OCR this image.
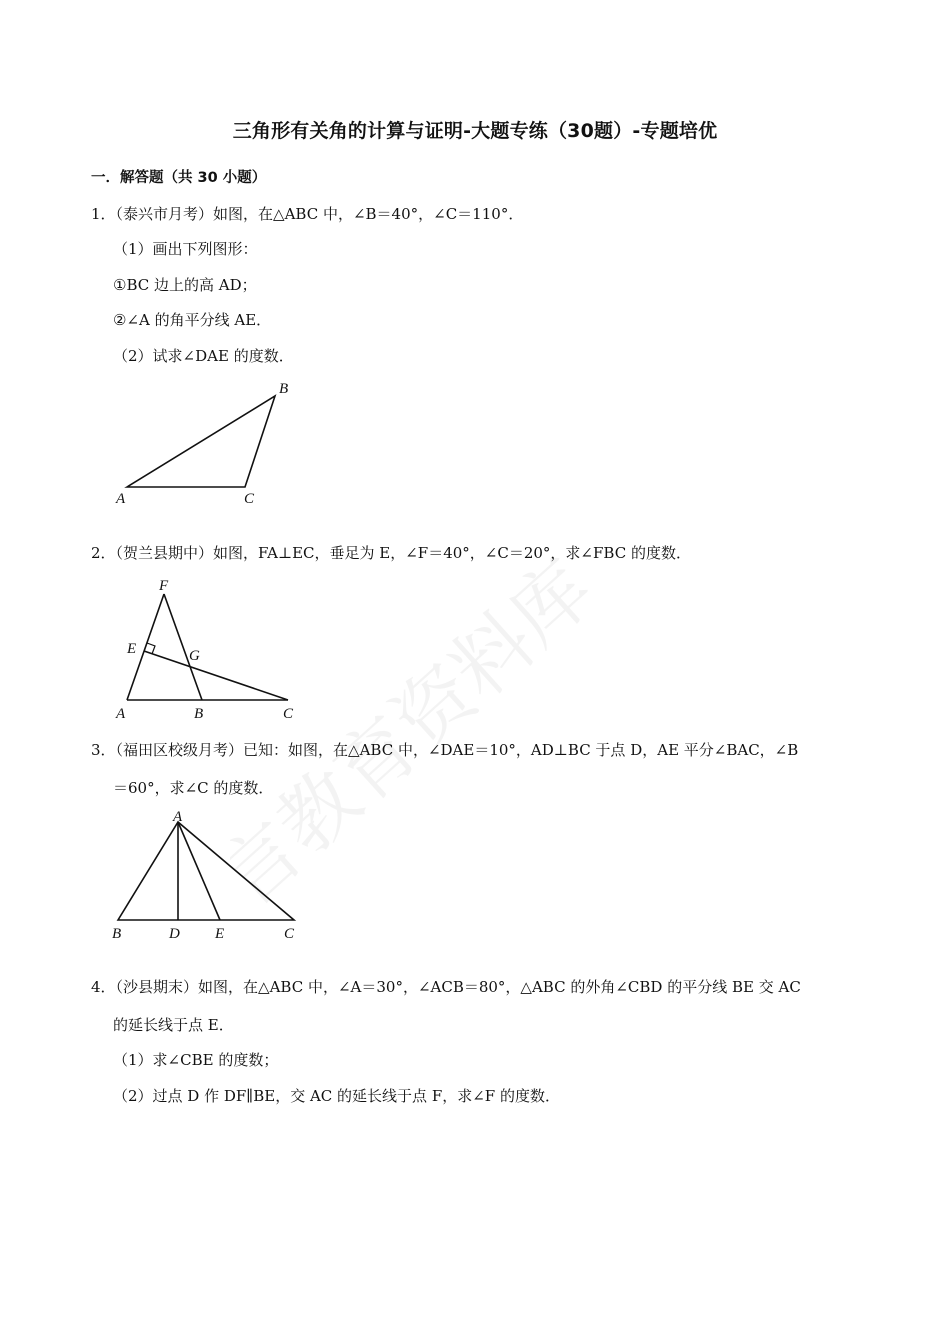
三角形有关角的计算与证明-大题专练（30题）-专题培优
一．解答题（共 30 小题）
1．（泰兴市月考）如图，在△ABC 中，∠B＝40°，∠C＝110°．
（1）画出下列图形：
①BC 边上的高 AD；
②∠A 的角平分线 AE．
（2）试求∠DAE 的度数．
A
B
C
2．（贺兰县期中）如图，FA⊥EC，垂足为 E，∠F＝40°，∠C＝20°，求∠FBC 的度数．
F
E	G
A	B	C
3．（福田区校级月考）已知：如图，在△ABC 中，∠DAE＝10°，AD⊥BC 于点 D，AE 平分∠BAC，∠B
＝60°，求∠C 的度数．
A
B	D E	C
4．（沙县期末）如图，在△ABC 中，∠A＝30°，∠ACB＝80°，△ABC 的外角∠CBD 的平分线 BE 交 AC
的延长线于点 E．
（1）求∠CBE 的度数；
（2）过点 D 作 DF∥BE，交 AC 的延长线于点 F，求∠F 的度数．
